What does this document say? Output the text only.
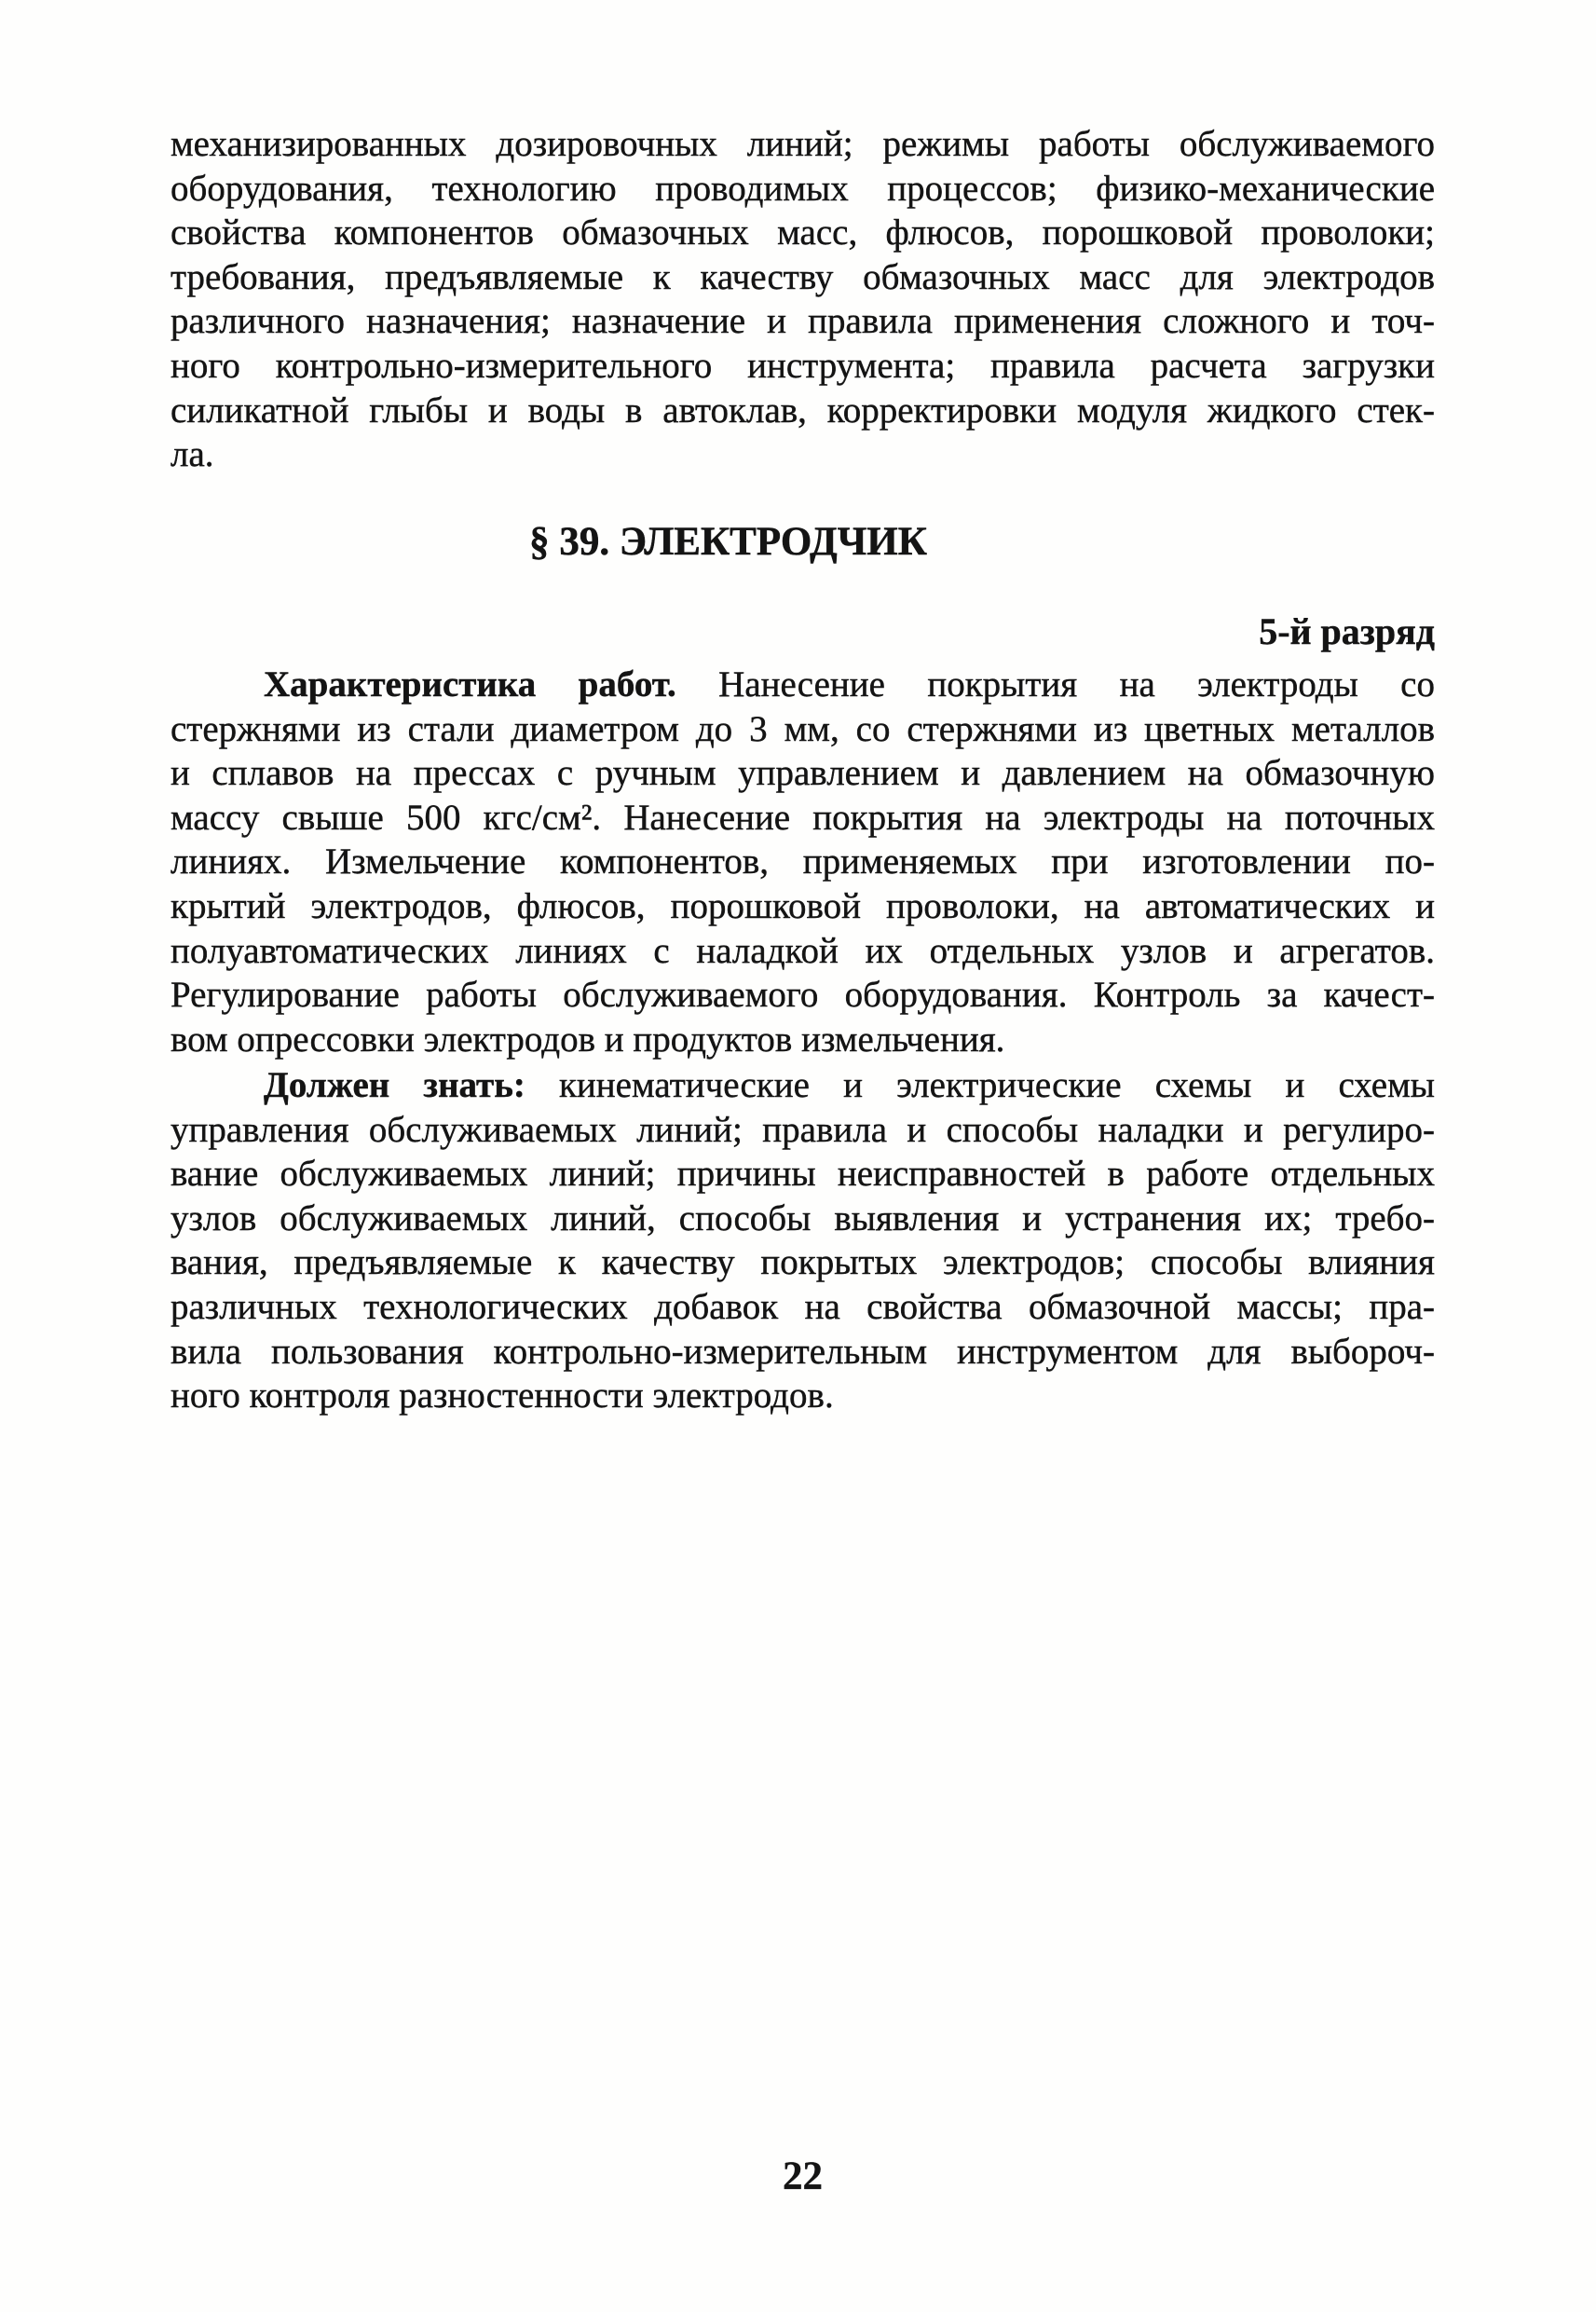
механизированных дозировочных линий; режимы работы обслуживаемого
оборудования, технологию проводимых процессов; физико-механические
свойства компонентов обмазочных масс, флюсов, порошковой проволоки;
требования, предъявляемые к качеству обмазочных масс для электродов
различного назначения; назначение и правила применения сложного и точ-
ного контрольно-измерительного инструмента; правила расчета загрузки
силикатной глыбы и воды в автоклав, корректировки модуля жидкого стек-
ла.
§ 39. ЭЛЕКТРОДЧИК
5-й разряд
Характеристика работ. Нанесение покрытия на электроды со
стержнями из стали диаметром до 3 мм, со стержнями из цветных металлов
и сплавов на прессах с ручным управлением и давлением на обмазочную
массу свыше 500 кгс/см². Нанесение покрытия на электроды на поточных
линиях. Измельчение компонентов, применяемых при изготовлении по-
крытий электродов, флюсов, порошковой проволоки, на автоматических и
полуавтоматических линиях с наладкой их отдельных узлов и агрегатов.
Регулирование работы обслуживаемого оборудования. Контроль за качест-
вом опрессовки электродов и продуктов измельчения.
Должен знать: кинематические и электрические схемы и схемы
управления обслуживаемых линий; правила и способы наладки и регулиро-
вание обслуживаемых линий; причины неисправностей в работе отдельных
узлов обслуживаемых линий, способы выявления и устранения их; требо-
вания, предъявляемые к качеству покрытых электродов; способы влияния
различных технологических добавок на свойства обмазочной массы; пра-
вила пользования контрольно-измерительным инструментом для выбороч-
ного контроля разностенности электродов.
22
